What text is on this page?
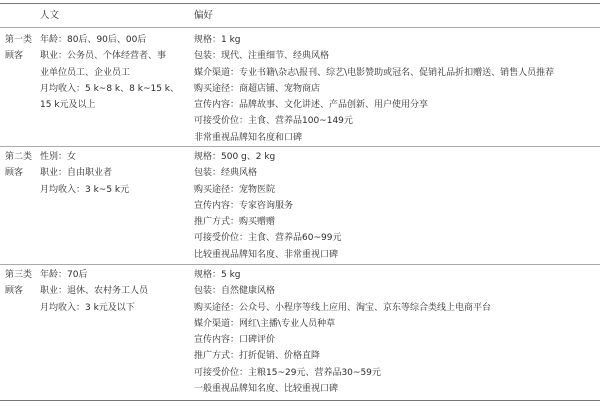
人文	偏好
第一类
顾客
年龄：80后、90后、00后
职业：公务员、个体经营者、事
业单位员工、企业员工
月均收入：5 k~8 k、8 k~15 k、
15 k元及以上
规格：1 kg
包装：现代、注重细节、经典风格
媒介渠道：专业书籍\杂志\报刊、综艺\电影赞助或冠名、促销礼品折扣赠送、销售人员推荐
购买途径：商超店铺、宠物商店
宣传内容：品牌故事、文化讲述、产品创新、用户使用分享
可接受价位：主食、营养品100~149元
非常重视品牌知名度和口碑
第二类
顾客
性别：女
职业：自由职业者
月均收入：3 k~5 k元
规格：500 g、2 kg
包装：经典风格
购买途径：宠物医院
宣传内容：专家咨询服务
推广方式：购买赠赠
可接受价位：主食、营养品60~99元
比较重视品牌知名度、非常重视口碑
第三类
顾客
年龄：70后
职业：退休、农村务工人员
月均收入：3 k元及以下
规格：5 kg
包装：自然健康风格
购买途径：公众号、小程序等线上应用、淘宝、京东等综合类线上电商平台
媒介渠道：网红\主播\专业人员种草
宣传内容：口碑评价
推广方式：打折促销、价格直降
可接受价位：主粮15~29元、营养品30~59元
一般重视品牌知名度、比较重视口碑
